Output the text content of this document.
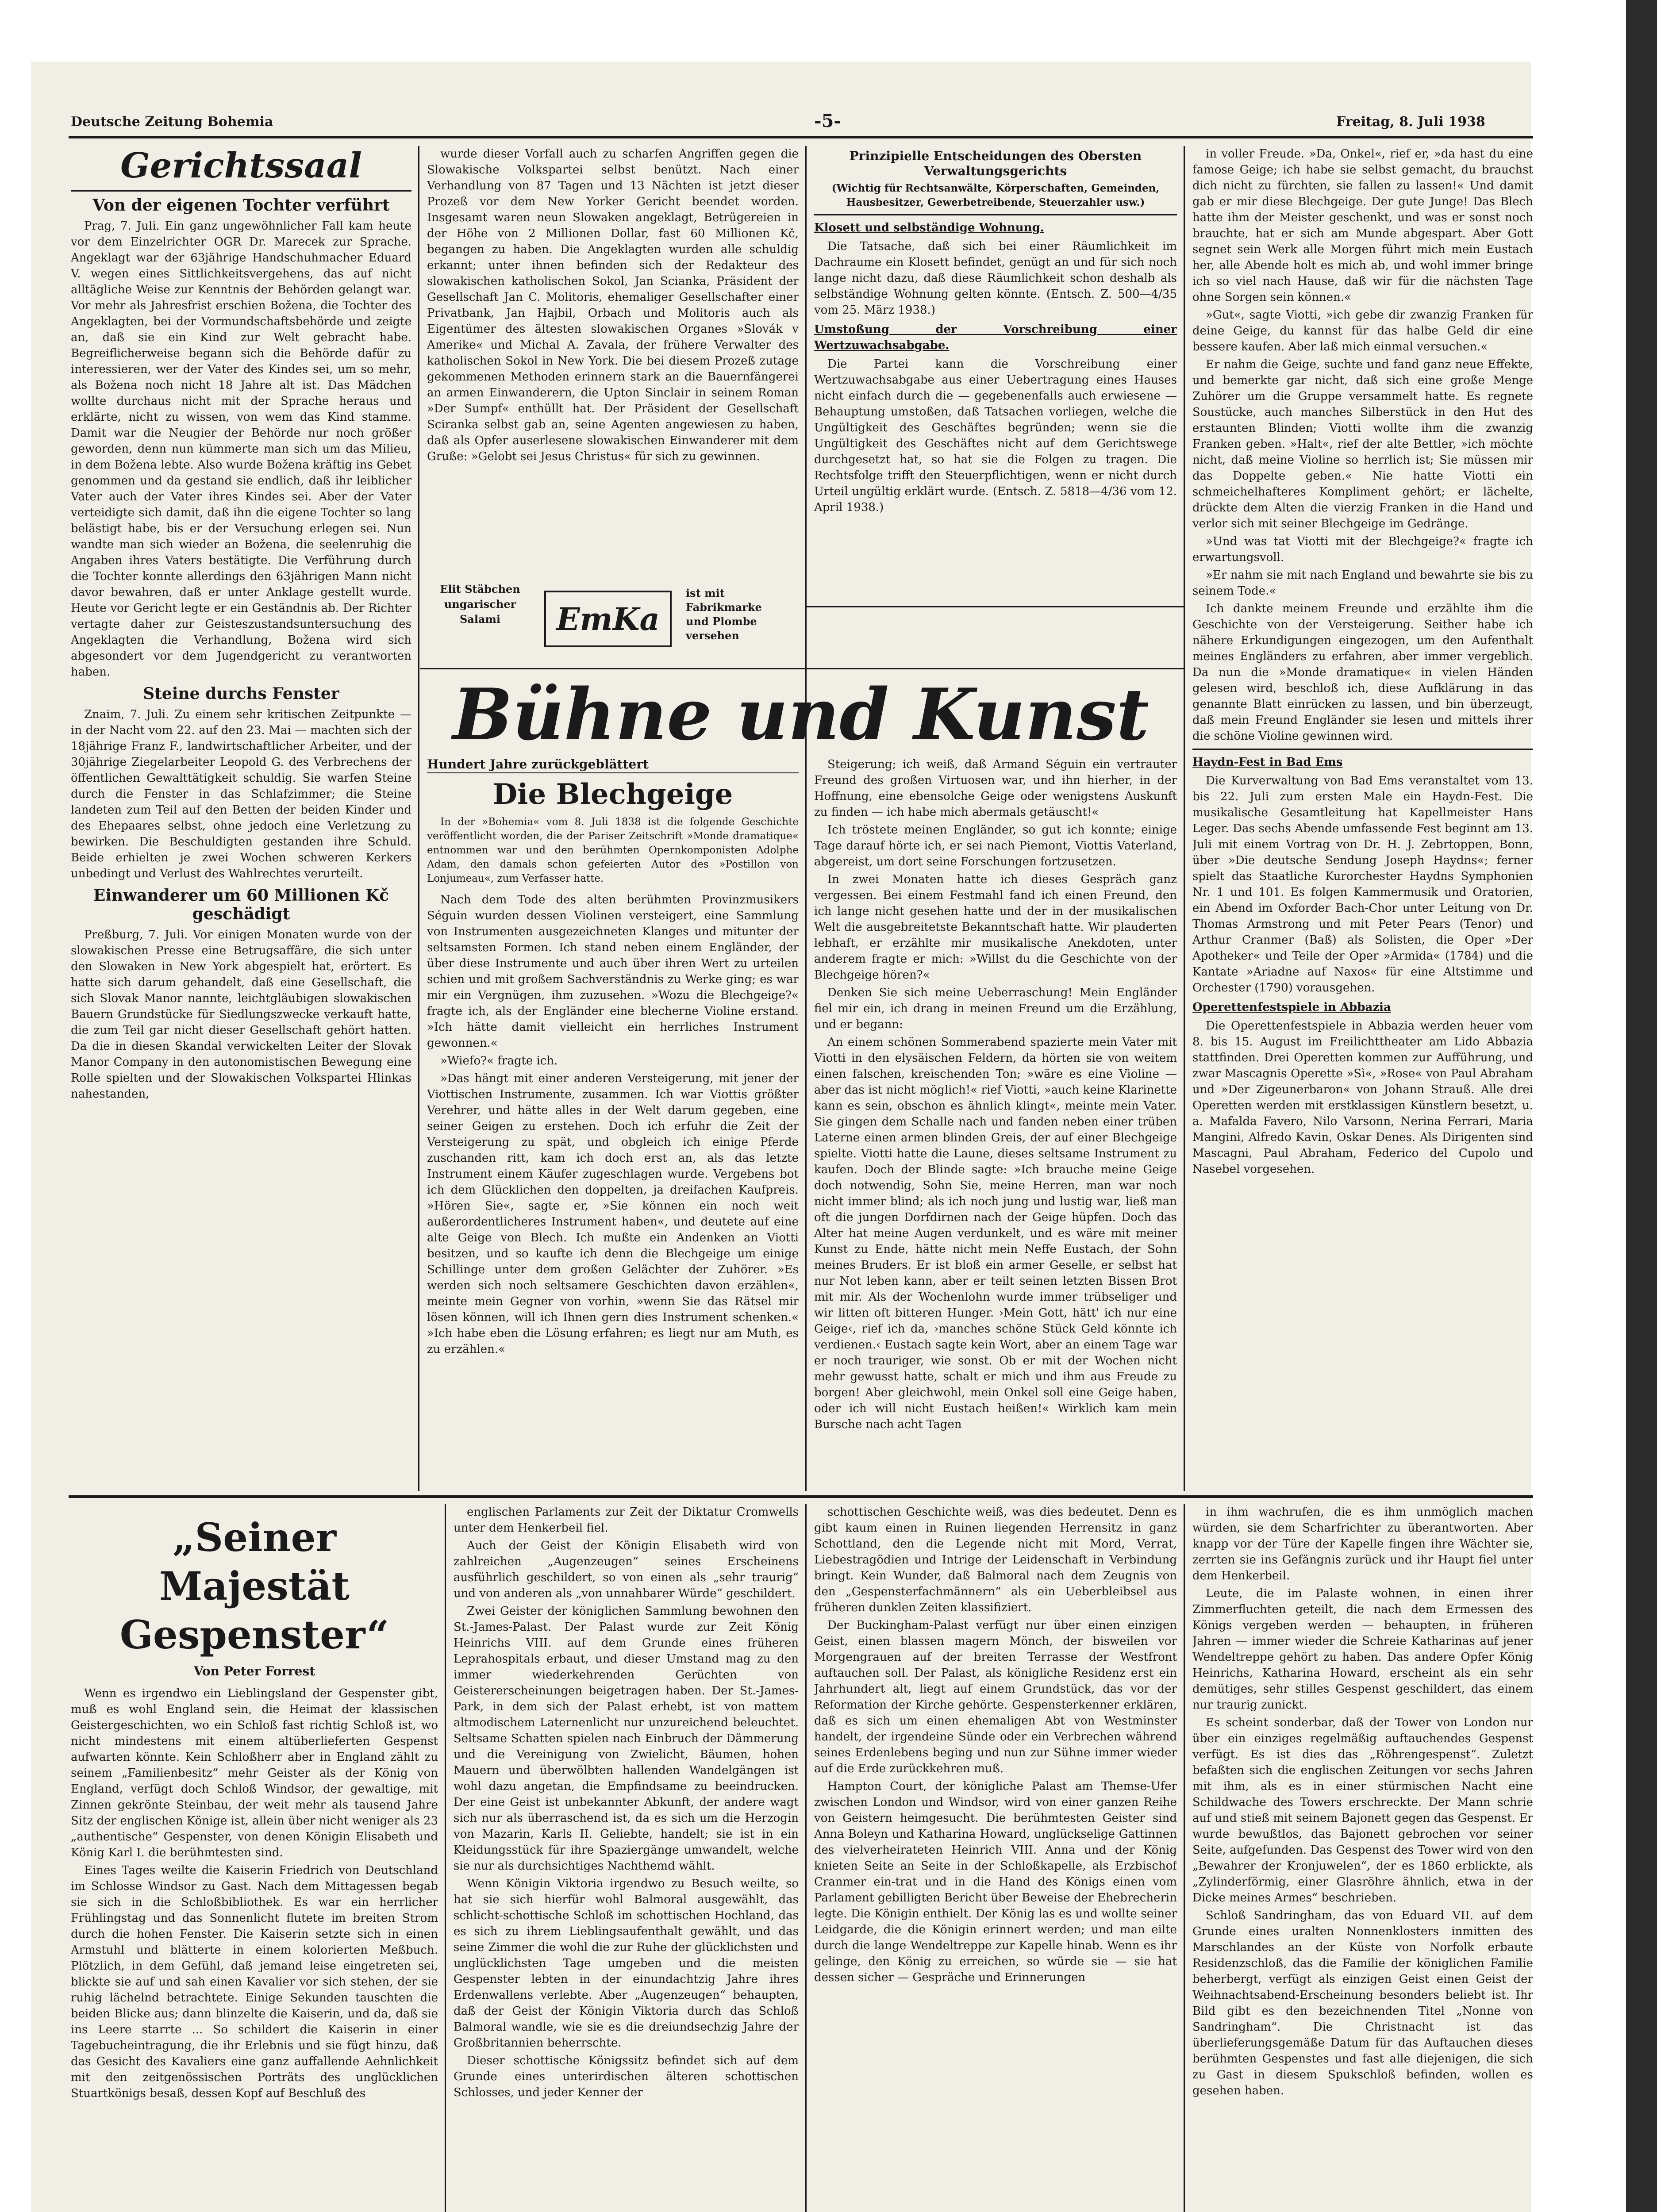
Deutsche Zeitung Bohemia	-5-	Freitag, 8. Juli 1938
Gerichtssaal
Von der eigenen Tochter verführt

Prag, 7. Juli. Ein ganz ungewöhnlicher Fall kam heute vor dem Einzelrichter OGR Dr. Marecek zur Sprache. Angeklagt war der 63jährige Handschuhmacher Eduard V. wegen eines Sittlichkeitsvergehens, das auf nicht alltägliche Weise zur Kenntnis der Behörden gelangt war. Vor mehr als Jahresfrist erschien Božena, die Tochter des Angeklagten, bei der Vormundschaftsbehörde und zeigte an, daß sie ein Kind zur Welt gebracht habe. Begreiflicherweise begann sich die Behörde dafür zu interessieren, wer der Vater des Kindes sei, um so mehr, als Božena noch nicht 18 Jahre alt ist. Das Mädchen wollte durchaus nicht mit der Sprache heraus und erklärte, nicht zu wissen, von wem das Kind stamme. Damit war die Neugier der Behörde nur noch größer geworden, denn nun kümmerte man sich um das Milieu, in dem Božena lebte. Also wurde Božena kräftig ins Gebet genommen und da gestand sie endlich, daß ihr leiblicher Vater auch der Vater ihres Kindes sei. Aber der Vater verteidigte sich damit, daß ihn die eigene Tochter so lang belästigt habe, bis er der Versuchung erlegen sei. Nun wandte man sich wieder an Božena, die seelenruhig die Angaben ihres Vaters bestätigte. Die Verführung durch die Tochter konnte allerdings den 63jährigen Mann nicht davor bewahren, daß er unter Anklage gestellt wurde. Heute vor Gericht legte er ein Geständnis ab. Der Richter vertagte daher zur Geisteszustandsuntersuchung des Angeklagten die Verhandlung, Božena wird sich abgesondert vor dem Jugendgericht zu verantworten haben.

Steine durchs Fenster

Znaim, 7. Juli. Zu einem sehr kritischen Zeitpunkte — in der Nacht vom 22. auf den 23. Mai — machten sich der 18jährige Franz F., landwirtschaftlicher Arbeiter, und der 30jährige Ziegelarbeiter Leopold G. des Verbrechens der öffentlichen Gewalttätigkeit schuldig. Sie warfen Steine durch die Fenster in das Schlafzimmer; die Steine landeten zum Teil auf den Betten der beiden Kinder und des Ehepaares selbst, ohne jedoch eine Verletzung zu bewirken. Die Beschuldigten gestanden ihre Schuld. Beide erhielten je zwei Wochen schweren Kerkers unbedingt und Verlust des Wahlrechtes verurteilt.

Einwanderer um 60 Millionen Kč geschädigt

Preßburg, 7. Juli. Vor einigen Monaten wurde von der slowakischen Presse eine Betrugsaffäre, die sich unter den Slowaken in New York abgespielt hat, erörtert. Es hatte sich darum gehandelt, daß eine Gesellschaft, die sich Slovak Manor nannte, leichtgläubigen slowakischen Bauern Grundstücke für Siedlungszwecke verkauft hatte, die zum Teil gar nicht dieser Gesellschaft gehört hatten. Da die in diesen Skandal verwickelten Leiter der Slovak Manor Company in den autonomistischen Bewegung eine Rolle spielten und der Slowakischen Volkspartei Hlinkas nahestanden,

wurde dieser Vorfall auch zu scharfen Angriffen gegen die Slowakische Volkspartei selbst benützt. Nach einer Verhandlung von 87 Tagen und 13 Nächten ist jetzt dieser Prozeß vor dem New Yorker Gericht beendet worden. Insgesamt waren neun Slowaken angeklagt, Betrügereien in der Höhe von 2 Millionen Dollar, fast 60 Millionen Kč, begangen zu haben. Die Angeklagten wurden alle schuldig erkannt; unter ihnen befinden sich der Redakteur des slowakischen katholischen Sokol, Jan Scianka, Präsident der Gesellschaft Jan C. Molitoris, ehemaliger Gesellschafter einer Privatbank, Jan Hajbil, Orbach und Molitoris auch als Eigentümer des ältesten slowakischen Organes »Slovák v Amerike« und Michal A. Zavala, der frühere Verwalter des katholischen Sokol in New York. Die bei diesem Prozeß zutage gekommenen Methoden erinnern stark an die Bauernfängerei an armen Einwanderern, die Upton Sinclair in seinem Roman »Der Sumpf« enthüllt hat. Der Präsident der Gesellschaft Sciranka selbst gab an, seine Agenten angewiesen zu haben, daß als Opfer auserlesene slowakischen Einwanderer mit dem Gruße: »Gelobt sei Jesus Christus« für sich zu gewinnen.

Elit Stäbchen
ungarischer
Salami	EmKa
ist mit
Fabrikmarke
und Plombe
versehen
Prinzipielle Entscheidungen des Obersten Verwaltungsgerichts
(Wichtig für Rechtsanwälte, Körperschaften, Gemeinden, Hausbesitzer, Gewerbetreibende, Steuerzahler usw.)
Klosett und selbständige Wohnung.

Die Tatsache, daß sich bei einer Räumlichkeit im Dachraume ein Klosett befindet, genügt an und für sich noch lange nicht dazu, daß diese Räumlichkeit schon deshalb als selbständige Wohnung gelten könnte. (Entsch. Z. 500—4/35 vom 25. März 1938.)

Umstoßung der Vorschreibung einer Wertzuwachsabgabe.

Die Partei kann die Vorschreibung einer Wertzuwachsabgabe aus einer Uebertragung eines Hauses nicht einfach durch die — gegebenenfalls auch erwiesene — Behauptung umstoßen, daß Tatsachen vorliegen, welche die Ungültigkeit des Geschäftes begründen; wenn sie die Ungültigkeit des Geschäftes nicht auf dem Gerichtswege durchgesetzt hat, so hat sie die Folgen zu tragen. Die Rechtsfolge trifft den Steuerpflichtigen, wenn er nicht durch Urteil ungültig erklärt wurde. (Entsch. Z. 5818—4/36 vom 12. April 1938.)

in voller Freude. »Da, Onkel«, rief er, »da hast du eine famose Geige; ich habe sie selbst gemacht, du brauchst dich nicht zu fürchten, sie fallen zu lassen!« Und damit gab er mir diese Blechgeige. Der gute Junge! Das Blech hatte ihm der Meister geschenkt, und was er sonst noch brauchte, hat er sich am Munde abgespart. Aber Gott segnet sein Werk alle Morgen führt mich mein Eustach her, alle Abende holt es mich ab, und wohl immer bringe ich so viel nach Hause, daß wir für die nächsten Tage ohne Sorgen sein können.«

»Gut«, sagte Viotti, »ich gebe dir zwanzig Franken für deine Geige, du kannst für das halbe Geld dir eine bessere kaufen. Aber laß mich einmal versuchen.«

Er nahm die Geige, suchte und fand ganz neue Effekte, und bemerkte gar nicht, daß sich eine große Menge Zuhörer um die Gruppe versammelt hatte. Es regnete Soustücke, auch manches Silberstück in den Hut des erstaunten Blinden; Viotti wollte ihm die zwanzig Franken geben. »Halt«, rief der alte Bettler, »ich möchte nicht, daß meine Violine so herrlich ist; Sie müssen mir das Doppelte geben.« Nie hatte Viotti ein schmeichelhafteres Kompliment gehört; er lächelte, drückte dem Alten die vierzig Franken in die Hand und verlor sich mit seiner Blechgeige im Gedränge.

»Und was tat Viotti mit der Blechgeige?« fragte ich erwartungsvoll.

»Er nahm sie mit nach England und bewahrte sie bis zu seinem Tode.«

Ich dankte meinem Freunde und erzählte ihm die Geschichte von der Versteigerung. Seither habe ich nähere Erkundigungen eingezogen, um den Aufenthalt meines Engländers zu erfahren, aber immer vergeblich. Da nun die »Monde dramatique« in vielen Händen gelesen wird, beschloß ich, diese Aufklärung in das genannte Blatt einrücken zu lassen, und bin überzeugt, daß mein Freund Engländer sie lesen und mittels ihrer die schöne Violine gewinnen wird.

Haydn-Fest in Bad Ems

Die Kurverwaltung von Bad Ems veranstaltet vom 13. bis 22. Juli zum ersten Male ein Haydn-Fest. Die musikalische Gesamtleitung hat Kapellmeister Hans Leger. Das sechs Abende umfassende Fest beginnt am 13. Juli mit einem Vortrag von Dr. H. J. Zebrtoppen, Bonn, über »Die deutsche Sendung Joseph Haydns«; ferner spielt das Staatliche Kurorchester Haydns Symphonien Nr. 1 und 101. Es folgen Kammermusik und Oratorien, ein Abend im Oxforder Bach-Chor unter Leitung von Dr. Thomas Armstrong und mit Peter Pears (Tenor) und Arthur Cranmer (Baß) als Solisten, die Oper »Der Apotheker« und Teile der Oper »Armida« (1784) und die Kantate »Ariadne auf Naxos« für eine Altstimme und Orchester (1790) vorausgehen.

Operettenfestspiele in Abbazia

Die Operettenfestspiele in Abbazia werden heuer vom 8. bis 15. August im Freilichttheater am Lido Abbazia stattfinden. Drei Operetten kommen zur Aufführung, und zwar Mascagnis Operette »Sì«, »Rose« von Paul Abraham und »Der Zigeunerbaron« von Johann Strauß. Alle drei Operetten werden mit erstklassigen Künstlern besetzt, u. a. Mafalda Favero, Nilo Varsonn, Nerina Ferrari, Maria Mangini, Alfredo Kavin, Oskar Denes. Als Dirigenten sind Mascagni, Paul Abraham, Federico del Cupolo und Nasebel vorgesehen.

Bühne und Kunst
Hundert Jahre zurückgeblättert
Die Blechgeige

In der »Bohemia« vom 8. Juli 1838 ist die folgende Geschichte veröffentlicht worden, die der Pariser Zeitschrift »Monde dramatique« entnommen war und den berühmten Opernkomponisten Adolphe Adam, den damals schon gefeierten Autor des »Postillon von Lonjumeau«, zum Verfasser hatte.

Nach dem Tode des alten berühmten Provinzmusikers Séguin wurden dessen Violinen versteigert, eine Sammlung von Instrumenten ausgezeichneten Klanges und mitunter der seltsamsten Formen. Ich stand neben einem Engländer, der über diese Instrumente und auch über ihren Wert zu urteilen schien und mit großem Sachverständnis zu Werke ging; es war mir ein Vergnügen, ihm zuzusehen. »Wozu die Blechgeige?« fragte ich, als der Engländer eine blecherne Violine erstand. »Ich hätte damit vielleicht ein herrliches Instrument gewonnen.«

»Wiefo?« fragte ich.

»Das hängt mit einer anderen Versteigerung, mit jener der Viottischen Instrumente, zusammen. Ich war Viottis größter Verehrer, und hätte alles in der Welt darum gegeben, eine seiner Geigen zu erstehen. Doch ich erfuhr die Zeit der Versteigerung zu spät, und obgleich ich einige Pferde zuschanden ritt, kam ich doch erst an, als das letzte Instrument einem Käufer zugeschlagen wurde. Vergebens bot ich dem Glücklichen den doppelten, ja dreifachen Kaufpreis. »Hören Sie«, sagte er, »Sie können ein noch weit außerordentlicheres Instrument haben«, und deutete auf eine alte Geige von Blech. Ich mußte ein Andenken an Viotti besitzen, und so kaufte ich denn die Blechgeige um einige Schillinge unter dem großen Gelächter der Zuhörer. »Es werden sich noch seltsamere Geschichten davon erzählen«, meinte mein Gegner von vorhin, »wenn Sie das Rätsel mir lösen können, will ich Ihnen gern dies Instrument schenken.« »Ich habe eben die Lösung erfahren; es liegt nur am Muth, es zu erzählen.«

Steigerung; ich weiß, daß Armand Séguin ein vertrauter Freund des großen Virtuosen war, und ihn hierher, in der Hoffnung, eine ebensolche Geige oder wenigstens Auskunft zu finden — ich habe mich abermals getäuscht!«

Ich tröstete meinen Engländer, so gut ich konnte; einige Tage darauf hörte ich, er sei nach Piemont, Viottis Vaterland, abgereist, um dort seine Forschungen fortzusetzen.

In zwei Monaten hatte ich dieses Gespräch ganz vergessen. Bei einem Festmahl fand ich einen Freund, den ich lange nicht gesehen hatte und der in der musikalischen Welt die ausgebreitetste Bekanntschaft hatte. Wir plauderten lebhaft, er erzählte mir musikalische Anekdoten, unter anderem fragte er mich: »Willst du die Geschichte von der Blechgeige hören?«

Denken Sie sich meine Ueberraschung! Mein Engländer fiel mir ein, ich drang in meinen Freund um die Erzählung, und er begann:

An einem schönen Sommerabend spazierte mein Vater mit Viotti in den elysäischen Feldern, da hörten sie von weitem einen falschen, kreischenden Ton; »wäre es eine Violine — aber das ist nicht möglich!« rief Viotti, »auch keine Klarinette kann es sein, obschon es ähnlich klingt«, meinte mein Vater. Sie gingen dem Schalle nach und fanden neben einer trüben Laterne einen armen blinden Greis, der auf einer Blechgeige spielte. Viotti hatte die Laune, dieses seltsame Instrument zu kaufen. Doch der Blinde sagte: »Ich brauche meine Geige doch notwendig, Sohn Sie, meine Herren, man war noch nicht immer blind; als ich noch jung und lustig war, ließ man oft die jungen Dorfdirnen nach der Geige hüpfen. Doch das Alter hat meine Augen verdunkelt, und es wäre mit meiner Kunst zu Ende, hätte nicht mein Neffe Eustach, der Sohn meines Bruders. Er ist bloß ein armer Geselle, er selbst hat nur Not leben kann, aber er teilt seinen letzten Bissen Brot mit mir. Als der Wochenlohn wurde immer trübseliger und wir litten oft bitteren Hunger. ›Mein Gott, hätt' ich nur eine Geige‹, rief ich da, ›manches schöne Stück Geld könnte ich verdienen.‹ Eustach sagte kein Wort, aber an einem Tage war er noch trauriger, wie sonst. Ob er mit der Wochen nicht mehr gewusst hatte, schalt er mich und ihm aus Freude zu borgen! Aber gleichwohl, mein Onkel soll eine Geige haben, oder ich will nicht Eustach heißen!« Wirklich kam mein Bursche nach acht Tagen

„Seiner Majestät Gespenster“
Von Peter Forrest

Wenn es irgendwo ein Lieblingsland der Gespenster gibt, muß es wohl England sein, die Heimat der klassischen Geistergeschichten, wo ein Schloß fast richtig Schloß ist, wo nicht mindestens mit einem altüberlieferten Gespenst aufwarten könnte. Kein Schloßherr aber in England zählt zu seinem „Familienbesitz“ mehr Geister als der König von England, verfügt doch Schloß Windsor, der gewaltige, mit Zinnen gekrönte Steinbau, der weit mehr als tausend Jahre Sitz der englischen Könige ist, allein über nicht weniger als 23 „authentische“ Gespenster, von denen Königin Elisabeth und König Karl I. die berühmtesten sind.

Eines Tages weilte die Kaiserin Friedrich von Deutschland im Schlosse Windsor zu Gast. Nach dem Mittagessen begab sie sich in die Schloßbibliothek. Es war ein herrlicher Frühlingstag und das Sonnenlicht flutete im breiten Strom durch die hohen Fenster. Die Kaiserin setzte sich in einen Armstuhl und blätterte in einem kolorierten Meßbuch. Plötzlich, in dem Gefühl, daß jemand leise eingetreten sei, blickte sie auf und sah einen Kavalier vor sich stehen, der sie ruhig lächelnd betrachtete. Einige Sekunden tauschten die beiden Blicke aus; dann blinzelte die Kaiserin, und da, daß sie ins Leere starrte ... So schildert die Kaiserin in einer Tagebucheintragung, die ihr Erlebnis und sie fügt hinzu, daß das Gesicht des Kavaliers eine ganz auffallende Aehnlichkeit mit den zeitgenössischen Porträts des unglücklichen Stuartkönigs besaß, dessen Kopf auf Beschluß des

englischen Parlaments zur Zeit der Diktatur Cromwells unter dem Henkerbeil fiel.

Auch der Geist der Königin Elisabeth wird von zahlreichen „Augenzeugen“ seines Erscheinens ausführlich geschildert, so von einen als „sehr traurig“ und von anderen als „von unnahbarer Würde“ geschildert.

Zwei Geister der königlichen Sammlung bewohnen den St.-James-Palast. Der Palast wurde zur Zeit König Heinrichs VIII. auf dem Grunde eines früheren Leprahospitals erbaut, und dieser Umstand mag zu den immer wiederkehrenden Gerüchten von Geistererscheinungen beigetragen haben. Der St.-James-Park, in dem sich der Palast erhebt, ist von mattem altmodischem Laternenlicht nur unzureichend beleuchtet. Seltsame Schatten spielen nach Einbruch der Dämmerung und die Vereinigung von Zwielicht, Bäumen, hohen Mauern und überwölbten hallenden Wandelgängen ist wohl dazu angetan, die Empfindsame zu beeindrucken. Der eine Geist ist unbekannter Abkunft, der andere wagt sich nur als überraschend ist, da es sich um die Herzogin von Mazarin, Karls II. Geliebte, handelt; sie ist in ein Kleidungsstück für ihre Spaziergänge umwandelt, welche sie nur als durchsichtiges Nachthemd wählt.

Wenn Königin Viktoria irgendwo zu Besuch weilte, so hat sie sich hierfür wohl Balmoral ausgewählt, das schlicht-schottische Schloß im schottischen Hochland, das es sich zu ihrem Lieblingsaufenthalt gewählt, und das seine Zimmer die wohl die zur Ruhe der glücklichsten und unglücklichsten Tage umgeben und die meisten Gespenster lebten in der einundachtzig Jahre ihres Erdenwallens verlebte. Aber „Augenzeugen“ behaupten, daß der Geist der Königin Viktoria durch das Schloß Balmoral wandle, wie sie es die dreiundsechzig Jahre der Großbritannien beherrschte.

Dieser schottische Königssitz befindet sich auf dem Grunde eines unterirdischen älteren schottischen Schlosses, und jeder Kenner der

schottischen Geschichte weiß, was dies bedeutet. Denn es gibt kaum einen in Ruinen liegenden Herrensitz in ganz Schottland, den die Legende nicht mit Mord, Verrat, Liebestragödien und Intrige der Leidenschaft in Verbindung bringt. Kein Wunder, daß Balmoral nach dem Zeugnis von den „Gespensterfachmännern“ als ein Ueberbleibsel aus früheren dunklen Zeiten klassifiziert.

Der Buckingham-Palast verfügt nur über einen einzigen Geist, einen blassen magern Mönch, der bisweilen vor Morgengrauen auf der breiten Terrasse der Westfront auftauchen soll. Der Palast, als königliche Residenz erst ein Jahrhundert alt, liegt auf einem Grundstück, das vor der Reformation der Kirche gehörte. Gespensterkenner erklären, daß es sich um einen ehemaligen Abt von Westminster handelt, der irgendeine Sünde oder ein Verbrechen während seines Erdenlebens beging und nun zur Sühne immer wieder auf die Erde zurückkehren muß.

Hampton Court, der königliche Palast am Themse-Ufer zwischen London und Windsor, wird von einer ganzen Reihe von Geistern heimgesucht. Die berühmtesten Geister sind Anna Boleyn und Katharina Howard, unglückselige Gattinnen des vielverheirateten Heinrich VIII. Anna und der König knieten Seite an Seite in der Schloßkapelle, als Erzbischof Cranmer ein-trat und in die Hand des Königs einen vom Parlament gebilligten Bericht über Beweise der Ehebrecherin legte. Die Königin enthielt. Der König las es und wollte seiner Leidgarde, die die Königin erinnert werden; und man eilte durch die lange Wendeltreppe zur Kapelle hinab. Wenn es ihr gelinge, den König zu erreichen, so würde sie — sie hat dessen sicher — Gespräche und Erinnerungen

in ihm wachrufen, die es ihm unmöglich machen würden, sie dem Scharfrichter zu überantworten. Aber knapp vor der Türe der Kapelle fingen ihre Wächter sie, zerrten sie ins Gefängnis zurück und ihr Haupt fiel unter dem Henkerbeil.

Leute, die im Palaste wohnen, in einen ihrer Zimmerfluchten geteilt, die nach dem Ermessen des Königs vergeben werden — behaupten, in früheren Jahren — immer wieder die Schreie Katharinas auf jener Wendeltreppe gehört zu haben. Das andere Opfer König Heinrichs, Katharina Howard, erscheint als ein sehr demütiges, sehr stilles Gespenst geschildert, das einem nur traurig zunickt.

Es scheint sonderbar, daß der Tower von London nur über ein einziges regelmäßig auftauchendes Gespenst verfügt. Es ist dies das „Röhrengespenst“. Zuletzt befaßten sich die englischen Zeitungen vor sechs Jahren mit ihm, als es in einer stürmischen Nacht eine Schildwache des Towers erschreckte. Der Mann schrie auf und stieß mit seinem Bajonett gegen das Gespenst. Er wurde bewußtlos, das Bajonett gebrochen vor seiner Seite, aufgefunden. Das Gespenst des Tower wird von den „Bewahrer der Kronjuwelen“, der es 1860 erblickte, als „Zylinderförmig, einer Glasröhre ähnlich, etwa in der Dicke meines Armes“ beschrieben.

Schloß Sandringham, das von Eduard VII. auf dem Grunde eines uralten Nonnenklosters inmitten des Marschlandes an der Küste von Norfolk erbaute Residenzschloß, das die Familie der königlichen Familie beherbergt, verfügt als einzigen Geist einen Geist der Weihnachtsabend-Erscheinung besonders beliebt ist. Ihr Bild gibt es den bezeichnenden Titel „Nonne von Sandringham“. Die Christnacht ist das überlieferungsgemäße Datum für das Auftauchen dieses berühmten Gespenstes und fast alle diejenigen, die sich zu Gast in diesem Spukschloß befinden, wollen es gesehen haben.
